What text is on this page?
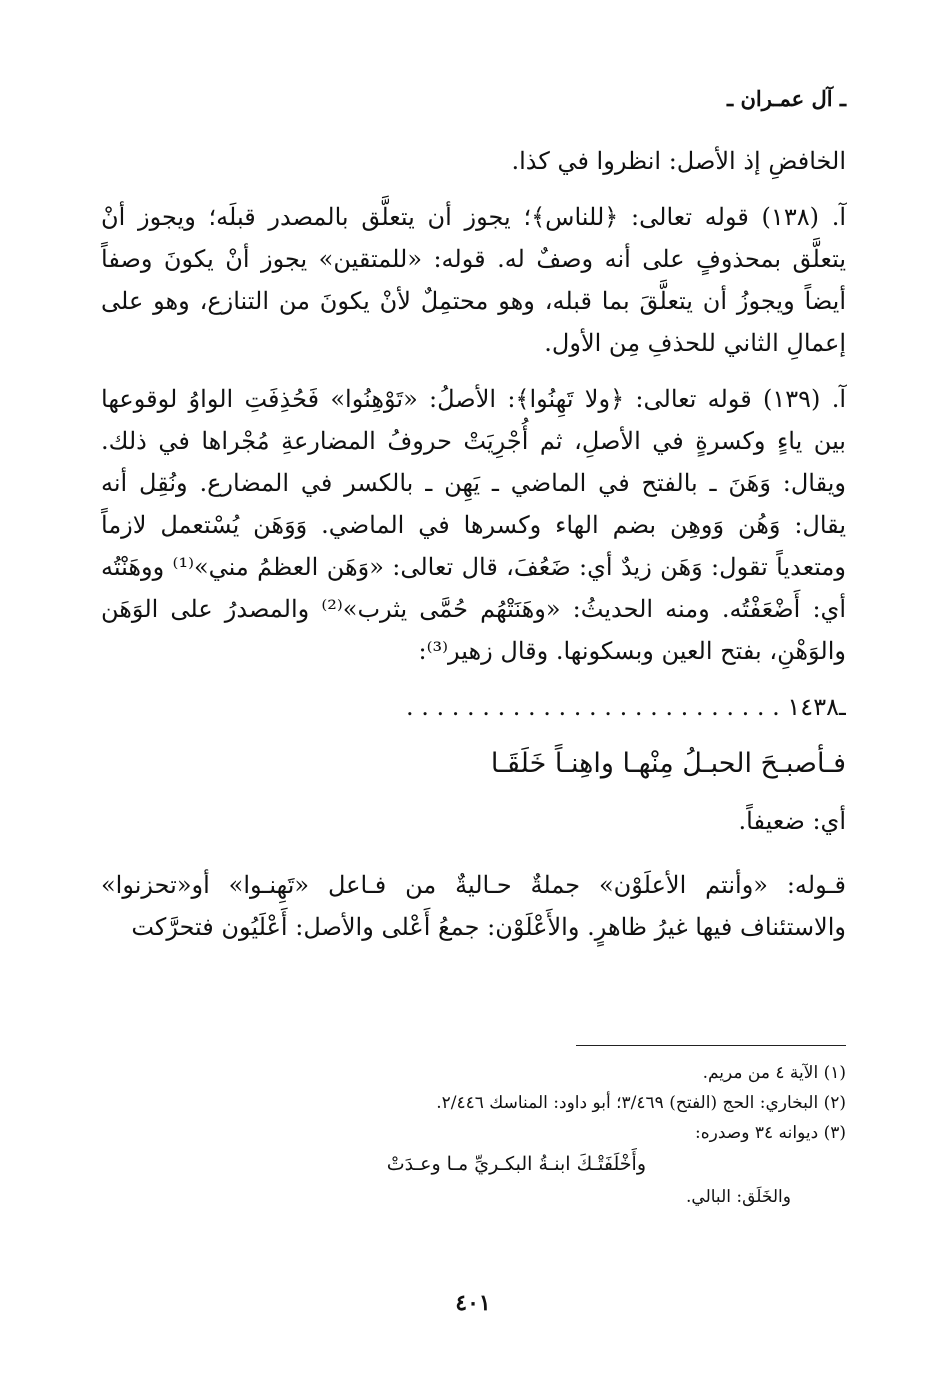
ـ آل عمـران ـ

الخافضِ إذ الأصل: انظروا في كذا.

آ. (١٣٨) قوله تعالى: ﴿للناس﴾؛ يجوز أن يتعلَّق بالمصدر قبلَه؛ ويجوز أنْ يتعلَّق بمحذوفٍ على أنه وصفٌ له. قوله: «للمتقين» يجوز أنْ يكونَ وصفاً أيضاً ويجوزُ أن يتعلَّقَ بما قبله، وهو محتمِلٌ لأنْ يكونَ من التنازع، وهو على إعمالِ الثاني للحذفِ مِن الأول.

آ. (١٣٩) قوله تعالى: ﴿ولا تَهِنُوا﴾: الأصلُ: «تَوْهِنُوا» فَحُذِفَتِ الواوُ لوقوعها بين ياءٍ وكسرةٍ في الأصلِ، ثم أُجْرِيَتْ حروفُ المضارعةِ مُجْراها في ذلك. ويقال: وَهَنَ ـ بالفتح في الماضي ـ يَهِن ـ بالكسر في المضارع. ونُقِل أنه يقال: وَهُن وَوهِن بضم الهاء وكسرها في الماضي. وَوَهَن يُسْتعمل لازماً ومتعدياً تقول: وَهَن زيدٌ أي: ضَعُفَ، قال تعالى: «وَهَن العظمُ مني»⁽¹⁾ ووهَنْتُه أي: أَضْعَفْتُه. ومنه الحديثُ: «وهَنَتْهُم حُمَّى يثرب»⁽²⁾ والمصدرُ على الوَهَن والوَهْنِ، بفتح العين وبسكونها. وقال زهير⁽³⁾:

ـ١٤٣٨ . . . . . . . . . . . . . . . . . . . . . . . . .

فـأصبـحَ الحبـلُ مِنْهـا واهِنـاً خَلَقَـا

أي: ضعيفاً.

قـوله: «وأنتم الأعلَوْن» جملةٌ حـاليةٌ من فـاعل «تَهِنـوا» أو«تحزنوا» والاستئناف فيها غيرُ ظاهرٍ. والأَعْلَوْن: جمعُ أَعْلى والأصل: أَعْلَيُون فتحرَّكت

(١) الآية ٤ من مريم.

(٢) البخاري: الحج (الفتح) ٣/٤٦٩؛ أبو داود: المناسك ٢/٤٤٦.

(٣) ديوانه ٣٤ وصدره:

وأَخْلَفَتْـكَ ابنـةُ البكـريِّ مـا وعـدَتْ

والخَلَق: البالي.

٤٠١
